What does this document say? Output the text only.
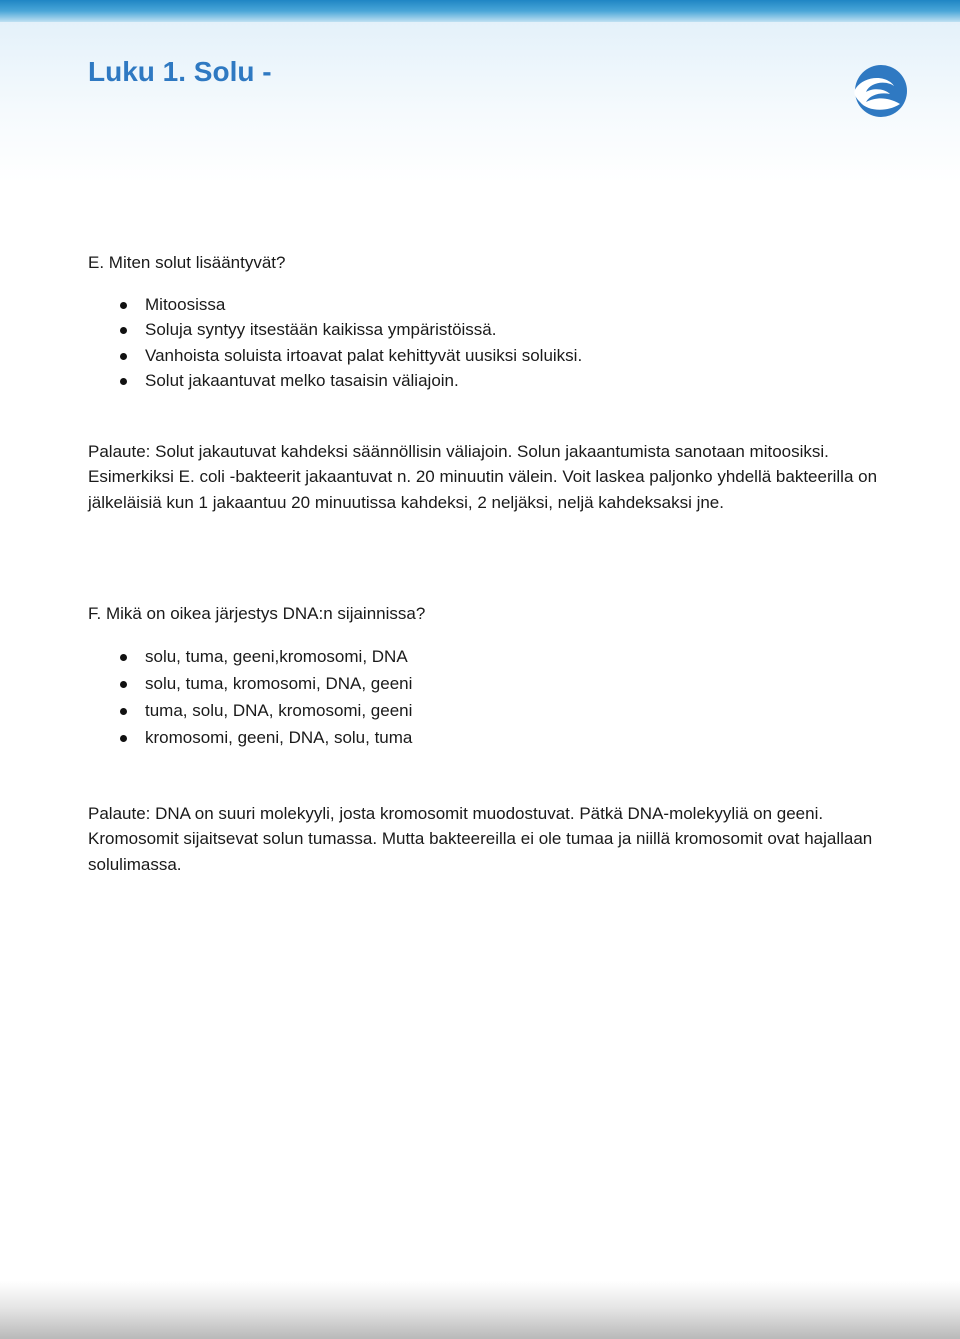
Luku 1. Solu -

E. Miten solut lisääntyvät?

Mitoosissa
Soluja syntyy itsestään kaikissa ympäristöissä.
Vanhoista soluista irtoavat palat kehittyvät uusiksi soluiksi.
Solut jakaantuvat melko tasaisin väliajoin.

Palaute: Solut jakautuvat kahdeksi säännöllisin väliajoin. Solun jakaantumista sanotaan mitoosiksi. Esimerkiksi E. coli -bakteerit jakaantuvat n. 20 minuutin välein. Voit laskea paljonko yhdellä bakteerilla on jälkeläisiä kun 1 jakaantuu 20 minuutissa kahdeksi, 2 neljäksi, neljä kahdeksaksi jne.

F. Mikä on oikea järjestys DNA:n sijainnissa?

solu, tuma, geeni,kromosomi, DNA
solu, tuma, kromosomi, DNA, geeni
tuma, solu, DNA, kromosomi, geeni
kromosomi, geeni, DNA, solu, tuma

Palaute: DNA on suuri molekyyli, josta kromosomit muodostuvat. Pätkä DNA-molekyyliä on geeni. Kromosomit sijaitsevat solun tumassa. Mutta bakteereilla ei ole tumaa ja niillä kromosomit ovat hajallaan solulimassa.
